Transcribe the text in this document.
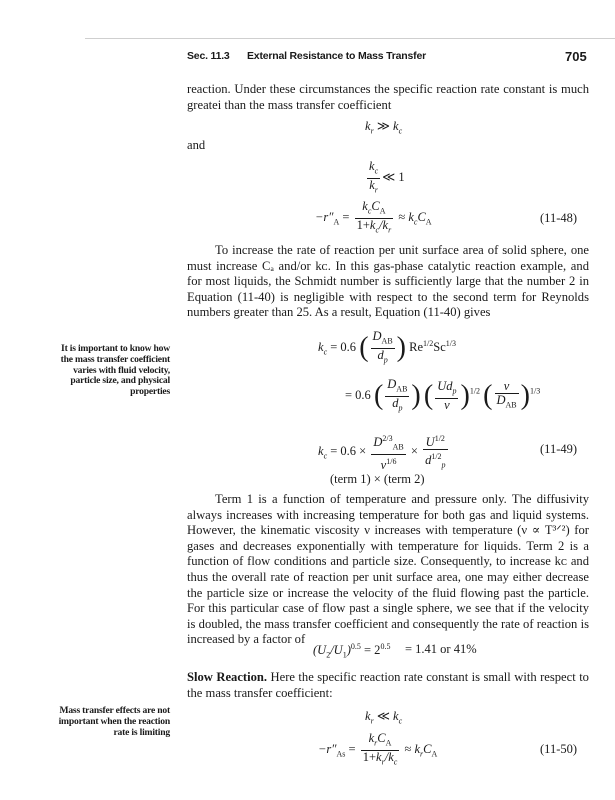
Sec. 11.3 External Resistance to Mass Transfer	705
reaction. Under these circumstances the specific reaction rate constant is much greatei than the mass transfer coefficient
$k_r$ ≫ $k_c$
and
$\frac{k_c}{k_r}$ ≪ 1
$-r''_A = \frac{k_cC_A}{1+k_c/k_r} \approx k_cC_A$	(11-48)
To increase the rate of reaction per unit surface area of solid sphere, one must increase Cₐ and/or kᴄ. In this gas-phase catalytic reaction example, and for most liquids, the Schmidt number is sufficiently large that the number 2 in Equation (11-40) is negligible with respect to the second term for Reynolds numbers greater than 25. As a result, Equation (11-40) gives
It is important to know how the mass transfer coefficient varies with fluid velocity, particle size, and physical properties
$k_c = 0.6$ ( $\frac{D_{AB}}{d_p}$ ) $Re^{1/2}Sc^{1/3}$
= 0.6 ( $\frac{D_{AB}}{d_p}$ ) ( $\frac{Ud_p}{\nu} )^{1/2}$ ( $\frac{\nu}{D_{AB}} )^{1/3}$
$k_c = 0.6 \times \frac{D^{2/3}_{AB}}{\nu^{1/6}} \times \frac{U^{1/2}}{d^{1/2}_p}$	(11-49)
(term 1) × (term 2)
Term 1 is a function of temperature and pressure only. The diffusivity always increases with increasing temperature for both gas and liquid systems. However, the kinematic viscosity ν increases with temperature (ν ∝ T³ᐟ²) for gases and decreases exponentially with temperature for liquids. Term 2 is a function of flow conditions and particle size. Consequently, to increase kᴄ and thus the overall rate of reaction per unit surface area, one may either decrease the particle size or increase the velocity of the fluid flowing past the particle. For this particular case of flow past a single sphere, we see that if the velocity is doubled, the mass transfer coefficient and consequently the rate of reaction is increased by a factor of
$(U_2/U_1)^{0.5} = 2^{0.5} = 1.41$ or 41%
Slow Reaction. Here the specific reaction rate constant is small with respect to the mass transfer coefficient:
$k_r$ ≪ $k_c$
Mass transfer effects are not important when the reaction rate is limiting
$-r''_{As} = \frac{k_rC_A}{1+k_r/k_c} \approx k_rC_A$	(11-50)
